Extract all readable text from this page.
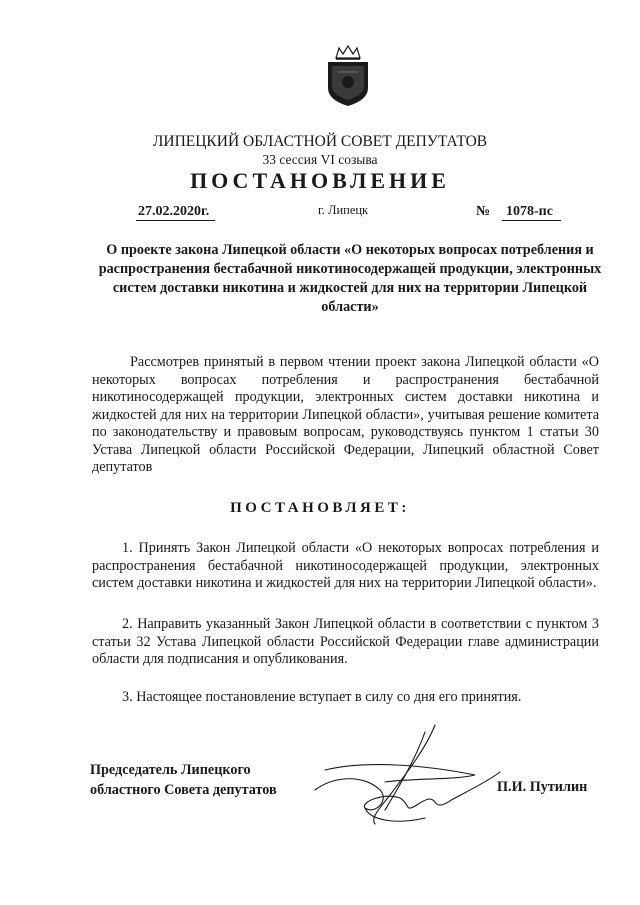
ЛИПЕЦКИЙ ОБЛАСТНОЙ СОВЕТ ДЕПУТАТОВ
33 сессия VI созыва
ПОСТАНОВЛЕНИЕ
27.02.2020г.	г. Липецк	№ 1078-пс
О проекте закона Липецкой области «О некоторых вопросах потребления и распространения бестабачной никотиносодержащей продукции, электронных систем доставки никотина и жидкостей для них на территории Липецкой области»
Рассмотрев принятый в первом чтении проект закона Липецкой области «О некоторых вопросах потребления и распространения бестабачной никотиносодержащей продукции, электронных систем доставки никотина и жидкостей для них на территории Липецкой области», учитывая решение комитета по законодательству и правовым вопросам, руководствуясь пунктом 1 статьи 30 Устава Липецкой области Российской Федерации, Липецкий областной Совет депутатов
ПОСТАНОВЛЯЕТ:
1. Принять Закон Липецкой области «О некоторых вопросах потребления и распространения бестабачной никотиносодержащей продукции, электронных систем доставки никотина и жидкостей для них на территории Липецкой области».
2. Направить указанный Закон Липецкой области в соответствии с пунктом 3 статьи 32 Устава Липецкой области Российской Федерации главе администрации области для подписания и опубликования.
3. Настоящее постановление вступает в силу со дня его принятия.
Председатель Липецкого
областного Совета депутатов	П.И. Путилин
